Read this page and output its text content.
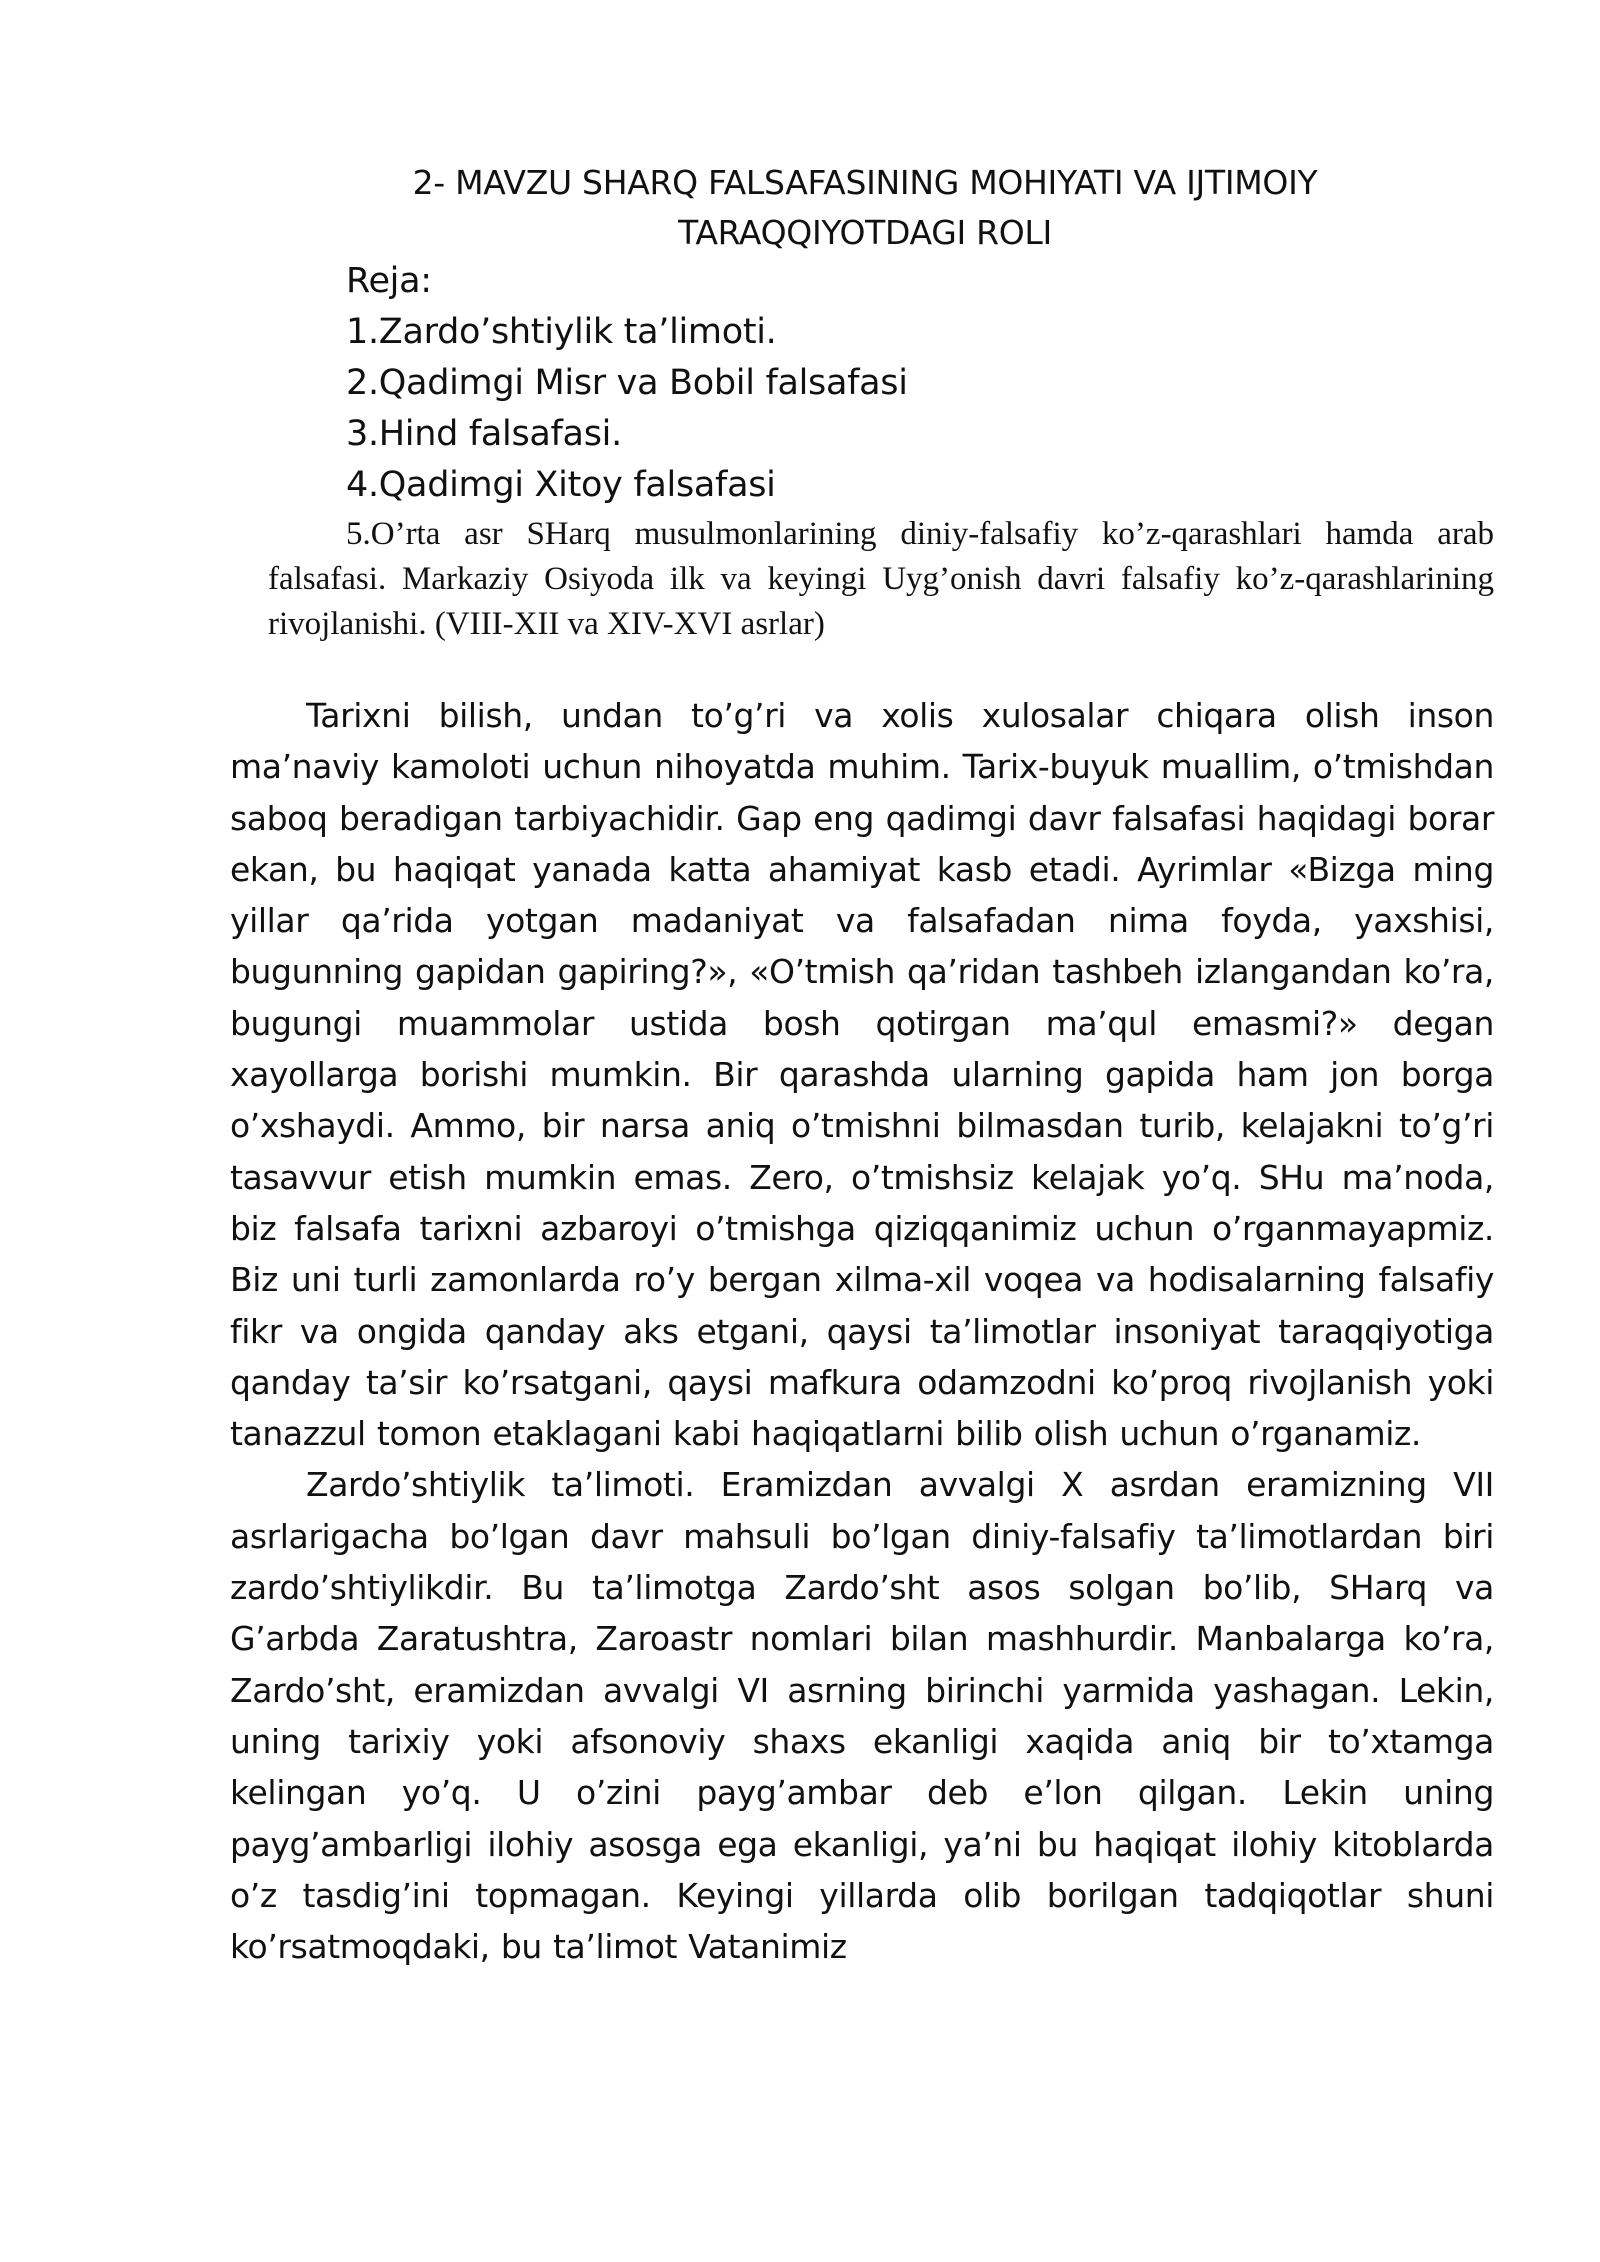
2- MAVZU SHARQ FALSAFASINING MOHIYATI VA IJTIMOIY TARAQQIYOTDAGI ROLI
Reja:
1.Zardo’shtiylik ta’limoti.
2.Qadimgi Misr va Bobil falsafasi
3.Hind falsafasi.
4.Qadimgi Xitoy falsafasi

5.O’rta asr SHarq musulmonlarining diniy-falsafiy ko’z-qarashlari hamda arab falsafasi. Markaziy Osiyoda ilk va keyingi Uyg’onish davri falsafiy ko’z-qarashlarining rivojlanishi. (VIII-XII va XIV-XVI asrlar)

Tarixni bilish, undan to’g’ri va xolis xulosalar chiqara olish inson ma’naviy kamoloti uchun nihoyatda muhim. Tarix-buyuk muallim, o’tmishdan saboq beradigan tarbiyachidir. Gap eng qadimgi davr falsafasi haqidagi borar ekan, bu haqiqat yanada katta ahamiyat kasb etadi. Ayrimlar «Bizga ming yillar qa’rida yotgan madaniyat va falsafadan nima foyda, yaxshisi, bugunning gapidan gapiring?», «O’tmish qa’ridan tashbeh izlangandan ko’ra, bugungi muammolar ustida bosh qotirgan ma’qul emasmi?» degan xayollarga borishi mumkin. Bir qarashda ularning gapida ham jon borga o’xshaydi. Ammo, bir narsa aniq o’tmishni bilmasdan turib, kelajakni to’g’ri tasavvur etish mumkin emas. Zero, o’tmishsiz kelajak yo’q. SHu ma’noda, biz falsafa tarixni azbaroyi o’tmishga qiziqqanimiz uchun o’rganmayapmiz. Biz uni turli zamonlarda ro’y bergan xilma-xil voqea va hodisalarning falsafiy fikr va ongida qanday aks etgani, qaysi ta’limotlar insoniyat taraqqiyotiga qanday ta’sir ko’rsatgani, qaysi mafkura odamzodni ko’proq rivojlanish yoki tanazzul tomon etaklagani kabi haqiqatlarni bilib olish uchun o’rganamiz.

Zardo’shtiylik ta’limoti. Eramizdan avvalgi X asrdan eramizning VII asrlarigacha bo’lgan davr mahsuli bo’lgan diniy-falsafiy ta’limotlardan biri zardo’shtiylikdir. Bu ta’limotga Zardo’sht asos solgan bo’lib, SHarq va G’arbda Zaratushtra, Zaroastr nomlari bilan mashhurdir. Manbalarga ko’ra, Zardo’sht, eramizdan avvalgi VI asrning birinchi yarmida yashagan. Lekin, uning tarixiy yoki afsonoviy shaxs ekanligi xaqida aniq bir to’xtamga kelingan yo’q. U o’zini payg’ambar deb e’lon qilgan. Lekin uning payg’ambarligi ilohiy asosga ega ekanligi, ya’ni bu haqiqat ilohiy kitoblarda o’z tasdig’ini topmagan. Keyingi yillarda olib borilgan tadqiqotlar shuni ko’rsatmoqdaki, bu ta’limot Vatanimiz
